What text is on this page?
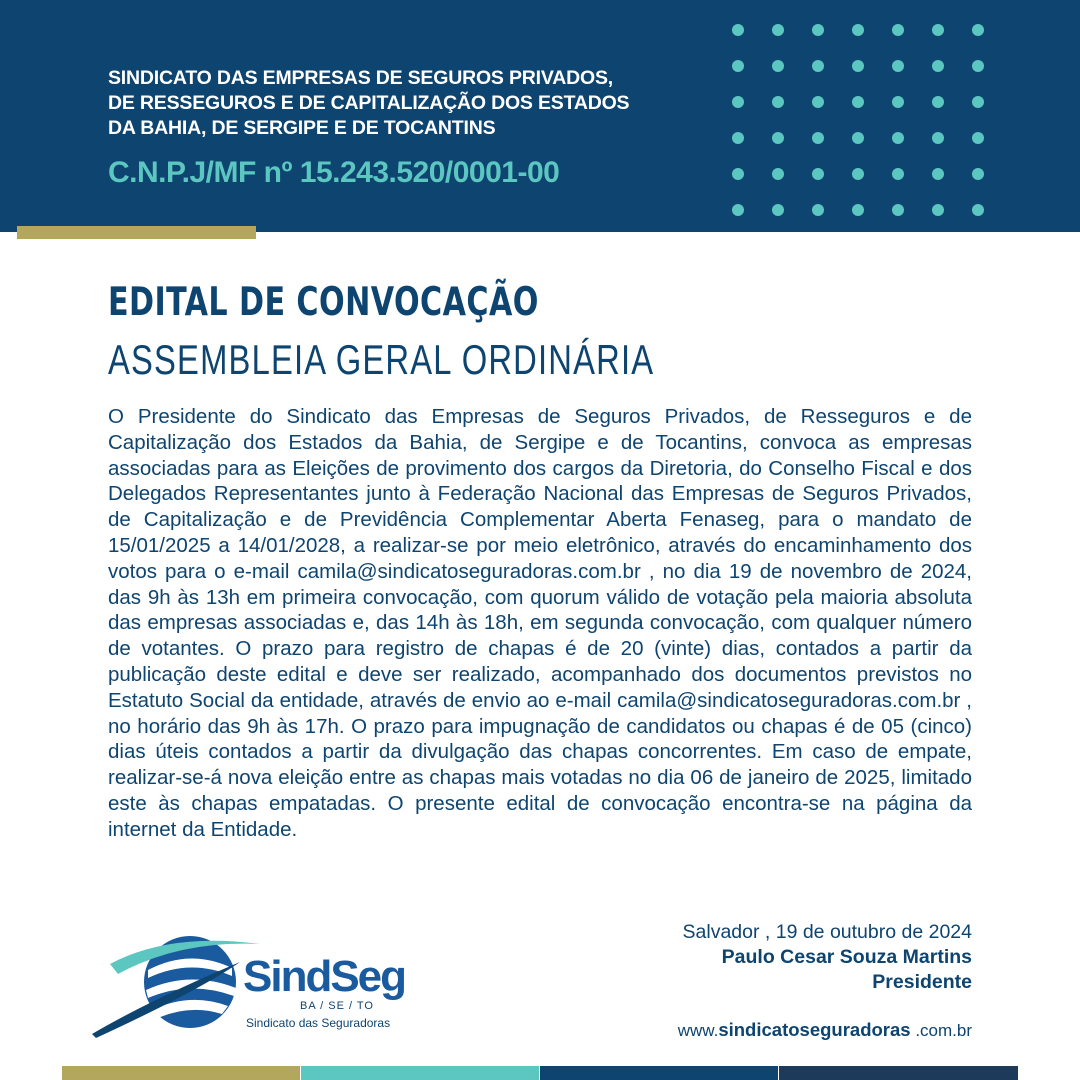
SINDICATO DAS EMPRESAS DE SEGUROS PRIVADOS,
DE RESSEGUROS E DE CAPITALIZAÇÃO DOS ESTADOS
DA BAHIA, DE SERGIPE E DE TOCANTINS
C.N.P.J/MF nº 15.243.520/0001-00
EDITAL DE CONVOCAÇÃO
ASSEMBLEIA GERAL ORDINÁRIA

O Presidente do Sindicato das Empresas de Seguros Privados, de Resseguros e de Capitalização dos Estados da Bahia, de Sergipe e de Tocantins, convoca as empresas associadas para as Eleições de provimento dos cargos da Diretoria, do Conselho Fiscal e dos Delegados Representantes junto à Federação Nacional das Empresas de Seguros Privados, de Capitalização e de Previdência Complementar Aberta Fenaseg, para o mandato de 15/01/2025 a 14/01/2028, a realizar-se por meio eletrônico, através do encaminhamento dos votos para o e-mail camila@sindicatoseguradoras.com.br , no dia 19 de novembro de 2024, das 9h às 13h em primeira convocação, com quorum válido de votação pela maioria absoluta das empresas associadas e, das 14h às 18h, em segunda convocação, com qualquer número de votantes. O prazo para registro de chapas é de 20 (vinte) dias, contados a partir da publicação deste edital e deve ser realizado, acompanhado dos documentos previstos no Estatuto Social da entidade, através de envio ao e-mail camila@sindicatoseguradoras.com.br , no horário das 9h às 17h. O prazo para impugnação de candidatos ou chapas é de 05 (cinco) dias úteis contados a partir da divulgação das chapas concorrentes. Em caso de empate, realizar-se-á nova eleição entre as chapas mais votadas no dia 06 de janeiro de 2025, limitado este às chapas empatadas. O presente edital de convocação encontra-se na página da internet da Entidade.

Salvador , 19 de outubro de 2024
Paulo Cesar Souza Martins
Presidente
SindSeg
BA / SE / TO
Sindicato das Seguradoras	www.sindicatoseguradoras .com.br
